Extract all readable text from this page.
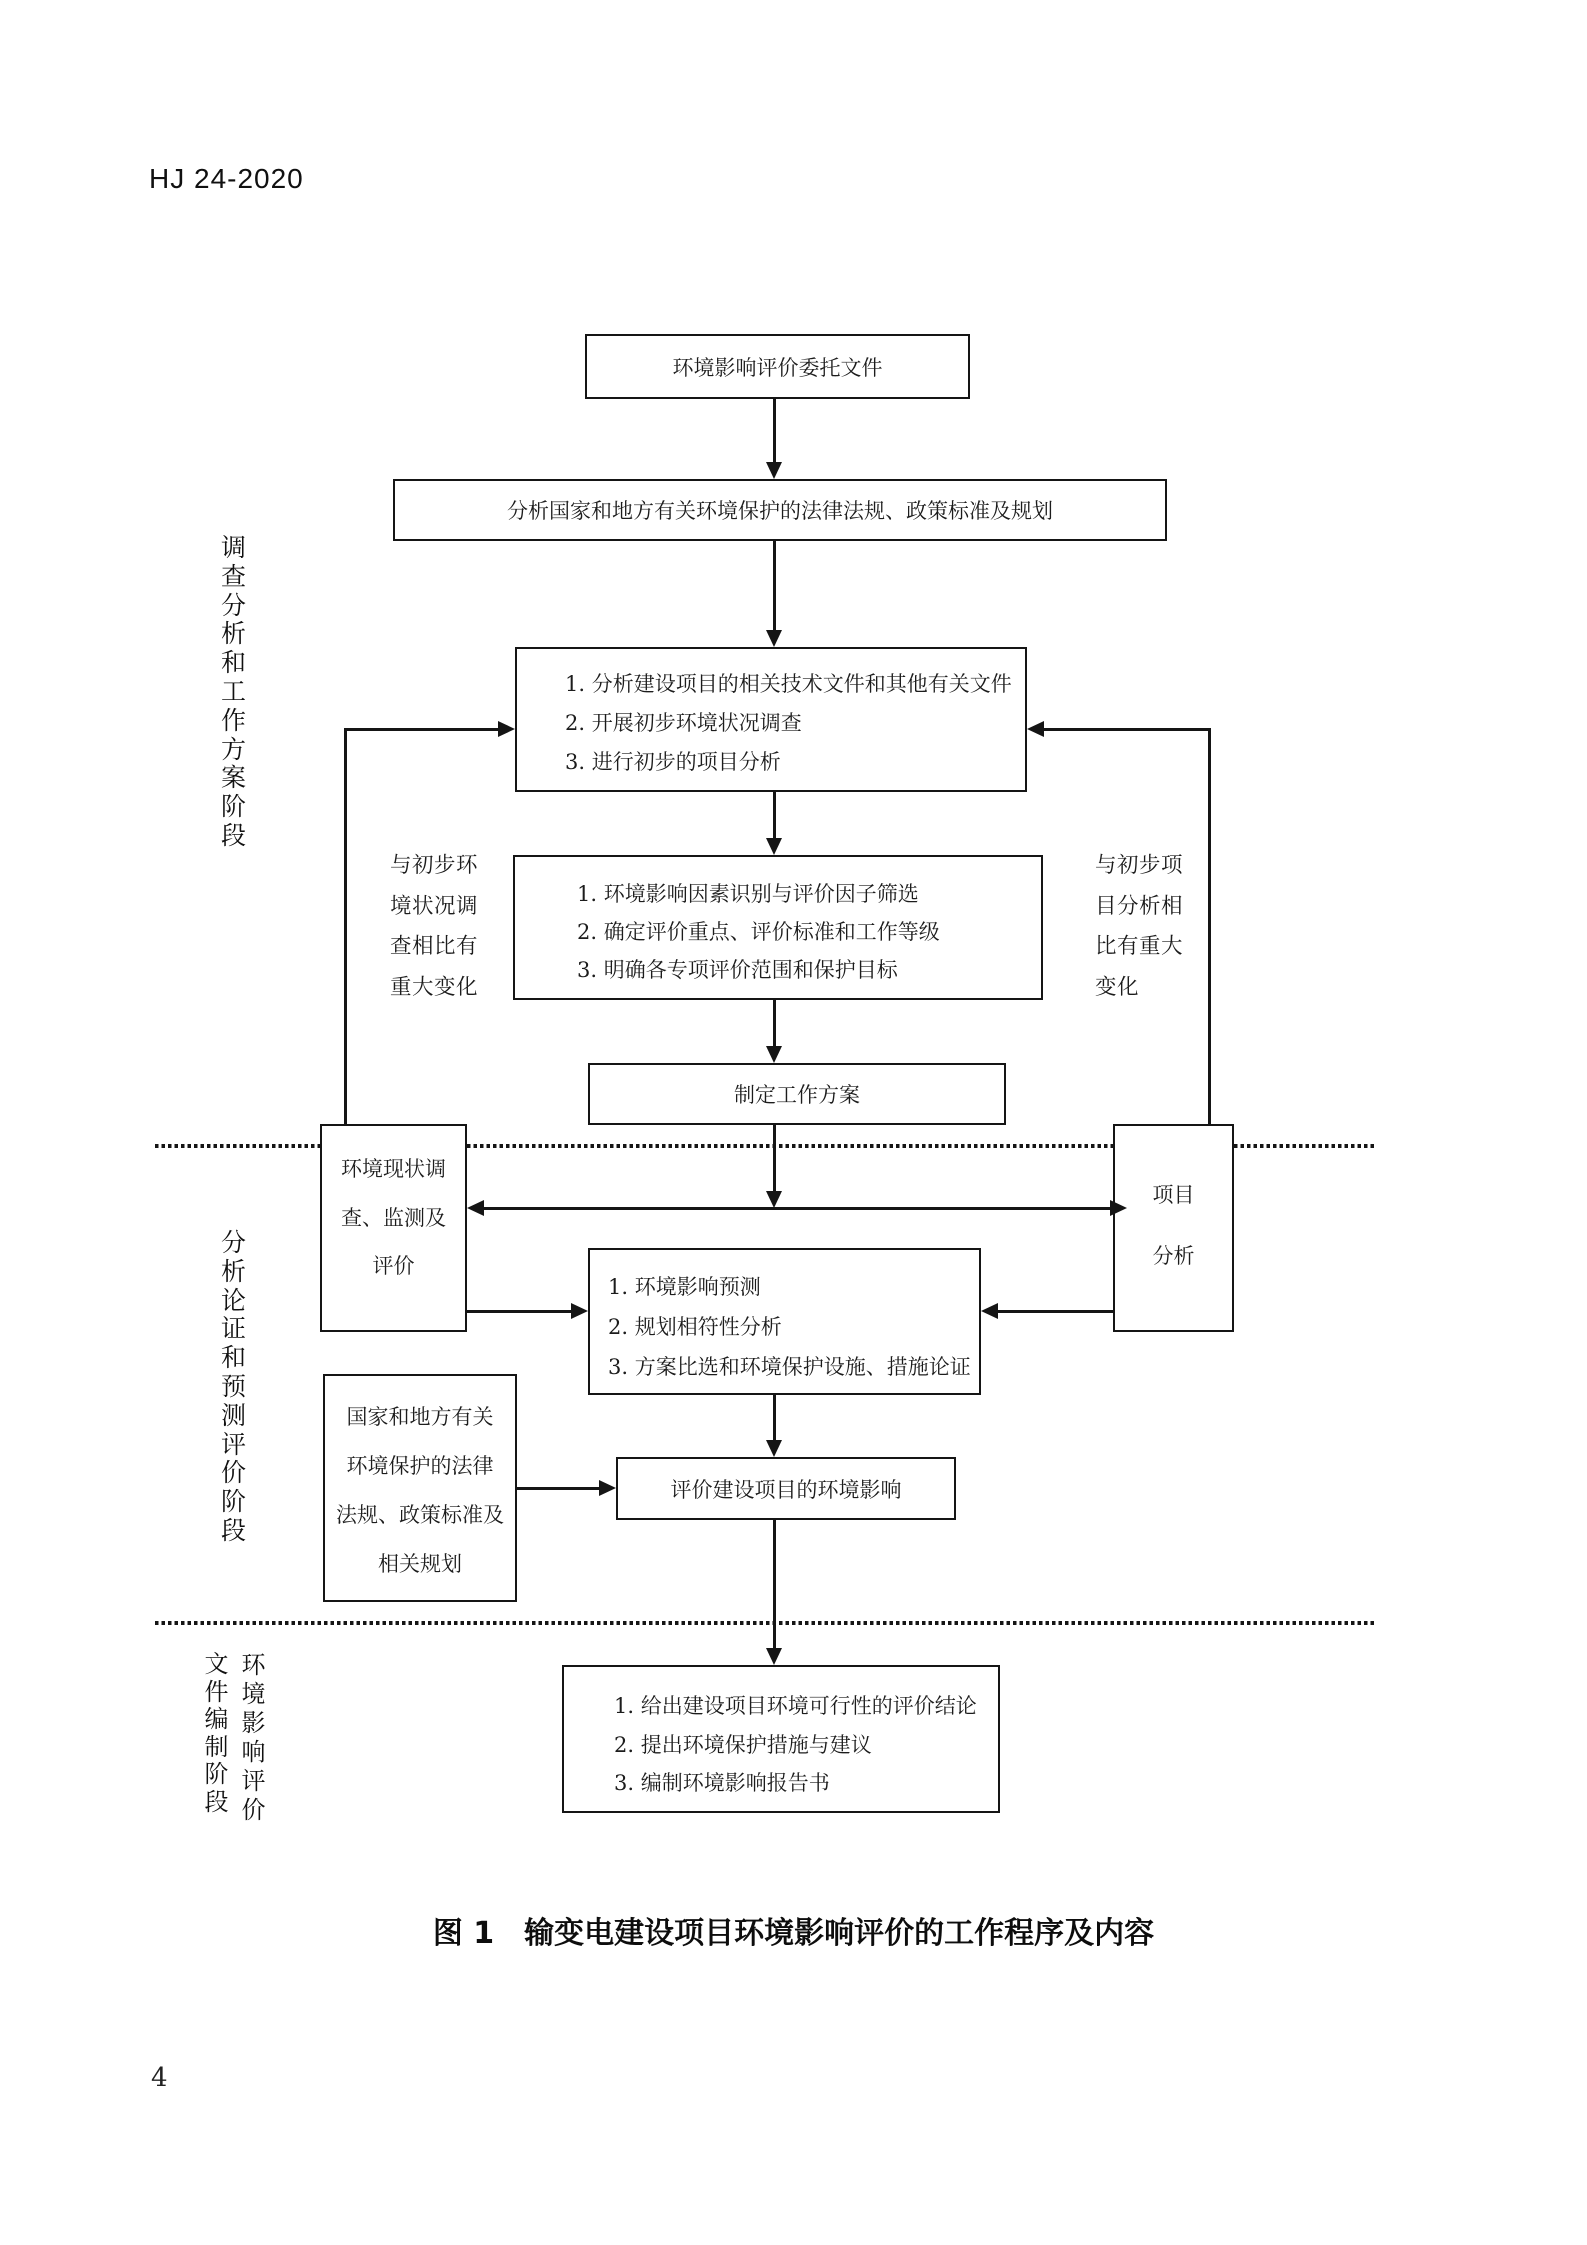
HJ 24-2020
调查分析和工作方案阶段
分析论证和预测评价阶段
文件编制阶段
环境影响评价
环境影响评价委托文件
分析国家和地方有关环境保护的法律法规、政策标准及规划
1. 分析建设项目的相关技术文件和其他有关文件
2. 开展初步环境状况调查
3. 进行初步的项目分析
1. 环境影响因素识别与评价因子筛选
2. 确定评价重点、评价标准和工作等级
3. 明确各专项评价范围和保护目标
制定工作方案
环境现状调
查、监测及
评价
项目
分析
1. 环境影响预测
2. 规划相符性分析
3. 方案比选和环境保护设施、措施论证
国家和地方有关
环境保护的法律
法规、政策标准及
相关规划
评价建设项目的环境影响
1. 给出建设项目环境可行性的评价结论
2. 提出环境保护措施与建议
3. 编制环境影响报告书
与初步环
境状况调
查相比有
重大变化
与初步项
目分析相
比有重大
变化
图 1　输变电建设项目环境影响评价的工作程序及内容
4
